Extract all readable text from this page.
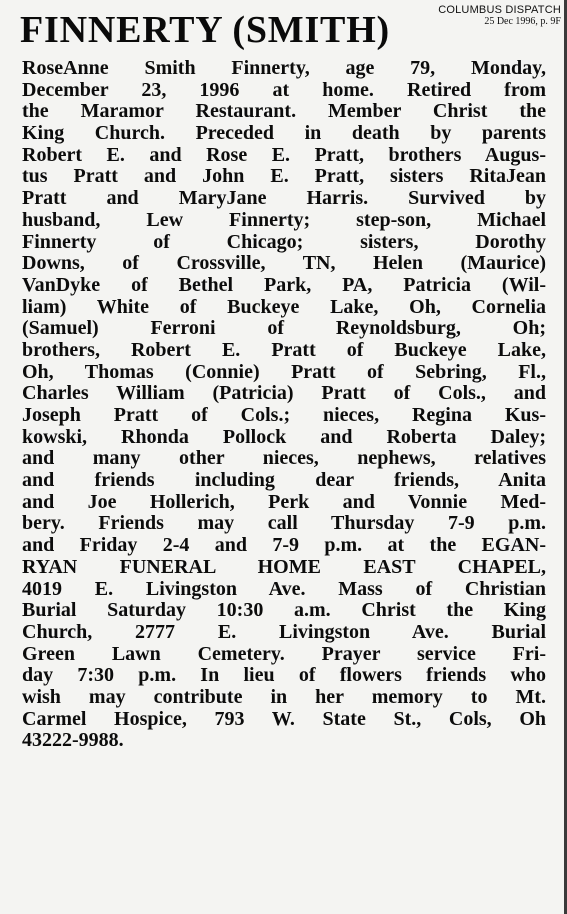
COLUMBUS DISPATCH
25 Dec 1996, p. 9F
FINNERTY (SMITH)
RoseAnne Smith Finnerty, age 79, Monday,
December 23, 1996 at home. Retired from
the Maramor Restaurant. Member Christ the
King Church. Preceded in death by parents
Robert E. and Rose E. Pratt, brothers Augus-
tus Pratt and John E. Pratt, sisters RitaJean
Pratt and MaryJane Harris. Survived by
husband, Lew Finnerty; step-son, Michael
Finnerty of Chicago; sisters, Dorothy
Downs, of Crossville, TN, Helen (Maurice)
VanDyke of Bethel Park, PA, Patricia (Wil-
liam) White of Buckeye Lake, Oh, Cornelia
(Samuel) Ferroni of Reynoldsburg, Oh;
brothers, Robert E. Pratt of Buckeye Lake,
Oh, Thomas (Connie) Pratt of Sebring, Fl.,
Charles William (Patricia) Pratt of Cols., and
Joseph Pratt of Cols.; nieces, Regina Kus-
kowski, Rhonda Pollock and Roberta Daley;
and many other nieces, nephews, relatives
and friends including dear friends, Anita
and Joe Hollerich, Perk and Vonnie Med-
bery. Friends may call Thursday 7-9 p.m.
and Friday 2-4 and 7-9 p.m. at the EGAN-
RYAN FUNERAL HOME EAST CHAPEL,
4019 E. Livingston Ave. Mass of Christian
Burial Saturday 10:30 a.m. Christ the King
Church, 2777 E. Livingston Ave. Burial
Green Lawn Cemetery. Prayer service Fri-
day 7:30 p.m. In lieu of flowers friends who
wish may contribute in her memory to Mt.
Carmel Hospice, 793 W. State St., Cols, Oh
43222-9988.
